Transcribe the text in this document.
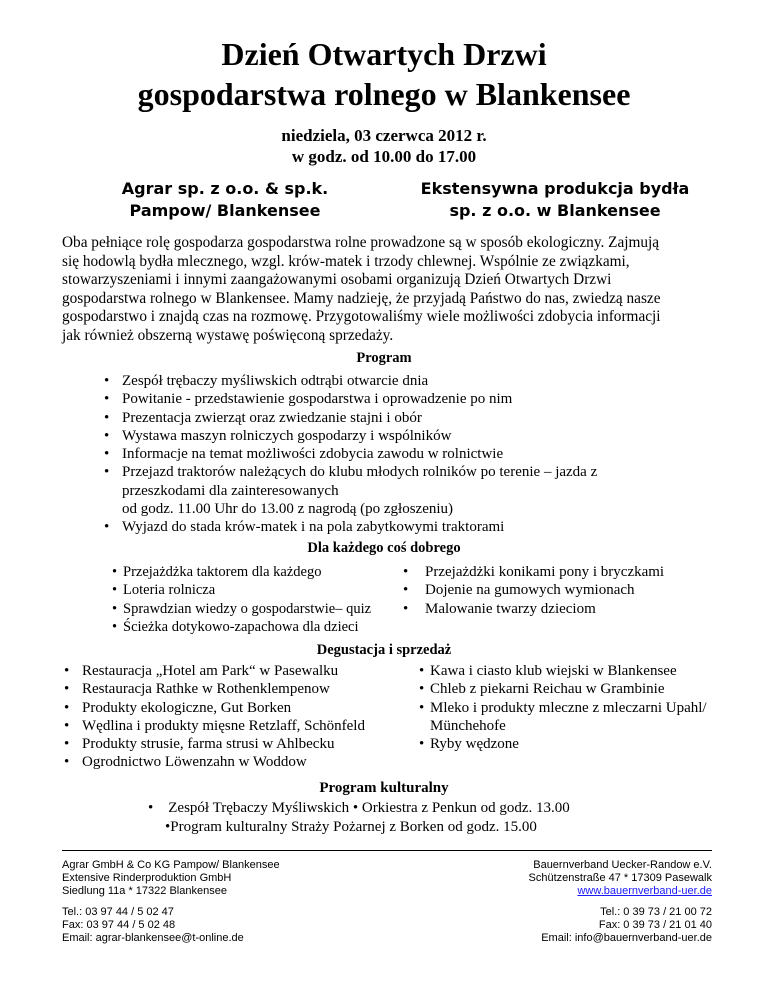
Dzień Otwartych Drzwi
gospodarstwa rolnego w Blankensee
niedziela, 03 czerwca 2012 r.
w godz. od 10.00 do 17.00
Agrar sp. z o.o. & sp.k.
Pampow/ Blankensee
Ekstensywna produkcja bydła
sp. z o.o. w Blankensee
Oba pełniące rolę gospodarza gospodarstwa rolne prowadzone są w sposób ekologiczny. Zajmują
się hodowlą bydła mlecznego, wzgl. krów-matek i trzody chlewnej. Wspólnie ze związkami,
stowarzyszeniami i innymi zaangażowanymi osobami organizują Dzień Otwartych Drzwi
gospodarstwa rolnego w Blankensee. Mamy nadzieję, że przyjadą Państwo do nas, zwiedzą nasze
gospodarstwo i znajdą czas na rozmowę. Przygotowaliśmy wiele możliwości zdobycia informacji
jak również obszerną wystawę poświęconą sprzedaży.
Program
• Zespół trębaczy myśliwskich odtrąbi otwarcie dnia
• Powitanie - przedstawienie gospodarstwa i oprowadzenie po nim
• Prezentacja zwierząt oraz zwiedzanie stajni i obór
• Wystawa maszyn rolniczych gospodarzy i wspólników
• Informacje na temat możliwości zdobycia zawodu w rolnictwie
• Przejazd traktorów należących do klubu młodych rolników po terenie – jazda z
przeszkodami dla zainteresowanych
od godz. 11.00 Uhr do 13.00 z nagrodą (po zgłoszeniu)
• Wyjazd do stada krów-matek i na pola zabytkowymi traktorami
Dla każdego coś dobrego
• Przejażdżka taktorem dla każdego
• Loteria rolnicza
• Sprawdzian wiedzy o gospodarstwie– quiz
• Ścieżka dotykowo-zapachowa dla dzieci
• Przejażdżki konikami pony i bryczkami
• Dojenie na gumowych wymionach
• Malowanie twarzy dzieciom
Degustacja i sprzedaż
• Restauracja „Hotel am Park“ w Pasewalku
• Restauracja Rathke w Rothenklempenow
• Produkty ekologiczne, Gut Borken
• Wędlina i produkty mięsne Retzlaff, Schönfeld
• Produkty strusie, farma strusi w Ahlbecku
• Ogrodnictwo Löwenzahn w Woddow
• Kawa i ciasto klub wiejski w Blankensee
• Chleb z piekarni Reichau w Grambinie
• Mleko i produkty mleczne z mleczarni Upahl/
Münchehofe
• Ryby wędzone
Program kulturalny
• Zespół Trębaczy Myśliwskich • Orkiestra z Penkun od godz. 13.00
•Program kulturalny Straży Pożarnej z Borken od godz. 15.00
Agrar GmbH & Co KG Pampow/ Blankensee
Extensive Rinderproduktion GmbH
Siedlung 11a * 17322 Blankensee
Bauernverband Uecker-Randow e.V.
Schützenstraße 47 * 17309 Pasewalk
www.bauernverband-uer.de
Tel.: 03 97 44 / 5 02 47
Fax: 03 97 44 / 5 02 48
Email: agrar-blankensee@t-online.de
Tel.: 0 39 73 / 21 00 72
Fax: 0 39 73 / 21 01 40
Email: info@bauernverband-uer.de
